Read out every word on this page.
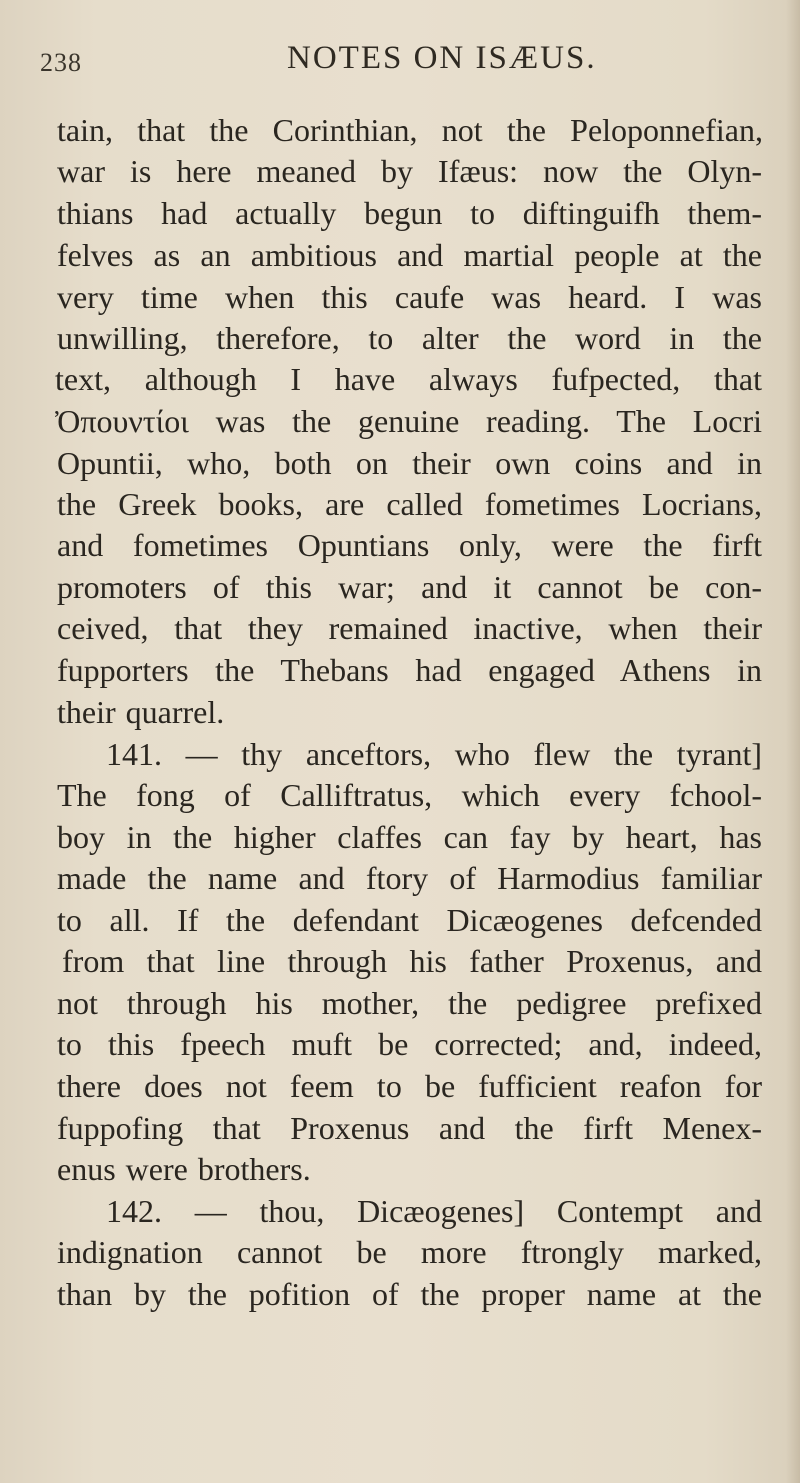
238	NOTES ON ISÆUS.
tain, that the Corinthian, not the Peloponnefian,
war is here meaned by Ifæus: now the Olyn-
thians had actually begun to diftinguifh them-
felves as an ambitious and martial people at the
very time when this caufe was heard. I was
unwilling, therefore, to alter the word in the
text, although I have always fufpected, that
Ὀπουντίοι was the genuine reading. The Locri
Opuntii, who, both on their own coins and in
the Greek books, are called fometimes Locrians,
and fometimes Opuntians only, were the firft
promoters of this war; and it cannot be con-
ceived, that they remained inactive, when their
fupporters the Thebans had engaged Athens in
their quarrel.
141. — thy anceftors, who flew the tyrant]
The fong of Calliftratus, which every fchool-
boy in the higher claffes can fay by heart, has
made the name and ftory of Harmodius familiar
to all. If the defendant Dicæogenes defcended
from that line through his father Proxenus, and
not through his mother, the pedigree prefixed
to this fpeech muft be corrected; and, indeed,
there does not feem to be fufficient reafon for
fuppofing that Proxenus and the firft Menex-
enus were brothers.
142. — thou, Dicæogenes] Contempt and
indignation cannot be more ftrongly marked,
than by the pofition of the proper name at the
